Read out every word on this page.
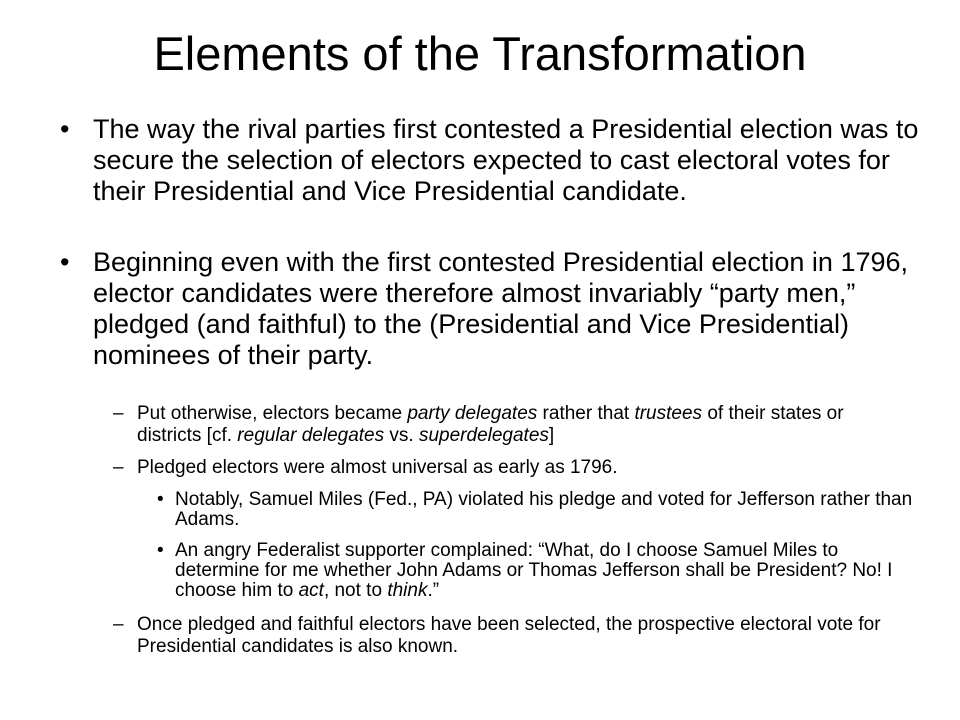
Elements of the Transformation
• The way the rival parties first contested a Presidential election was to secure the selection of electors expected to cast electoral votes for their Presidential and Vice Presidential candidate.
• Beginning even with the first contested Presidential election in 1796, elector candidates were therefore almost invariably “party men,” pledged (and faithful) to the (Presidential and Vice Presidential) nominees of their party.
– Put otherwise, electors became party delegates rather that trustees of their states or districts [cf. regular delegates vs. superdelegates]
– Pledged electors were almost universal as early as 1796.
• Notably, Samuel Miles (Fed., PA) violated his pledge and voted for Jefferson rather than Adams.
• An angry Federalist supporter complained: “What, do I choose Samuel Miles to determine for me whether John Adams or Thomas Jefferson shall be President? No! I choose him to act, not to think.”
– Once pledged and faithful electors have been selected, the prospective electoral vote for Presidential candidates is also known.
